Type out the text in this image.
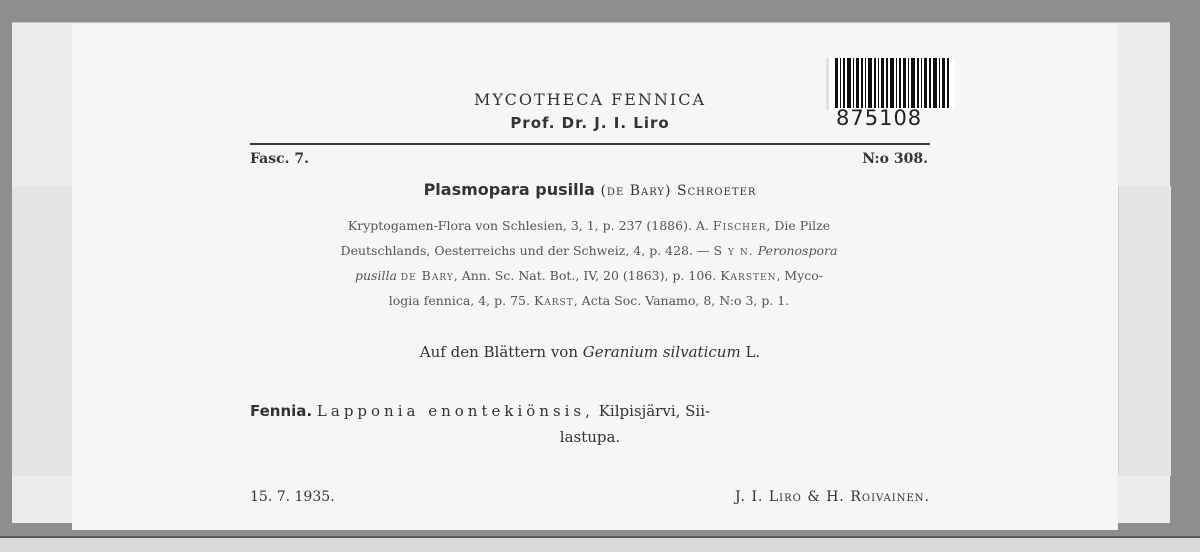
MYCOTHECA FENNICA
Prof. Dr. J. I. Liro	875108
Fasc. 7.	N:o 308.
Plasmopara pusilla (de Bary) Schroeter
Kryptogamen-Flora von Schlesien, 3, 1, p. 237 (1886). A. Fischer, Die Pilze
Deutschlands, Oesterreichs und der Schweiz, 4, p. 428. — S y n. Peronospora
pusilla de Bary, Ann. Sc. Nat. Bot., IV, 20 (1863), p. 106. Karsten, Myco-
logia fennica, 4, p. 75. Karst, Acta Soc. Vanamo, 8, N:o 3, p. 1.
Auf den Blättern von Geranium silvaticum L.
Fennia. Lapponia enontekiönsis, Kilpisjärvi, Sii-
lastupa.
15. 7. 1935.	J. I. Liro & H. Roivainen.
